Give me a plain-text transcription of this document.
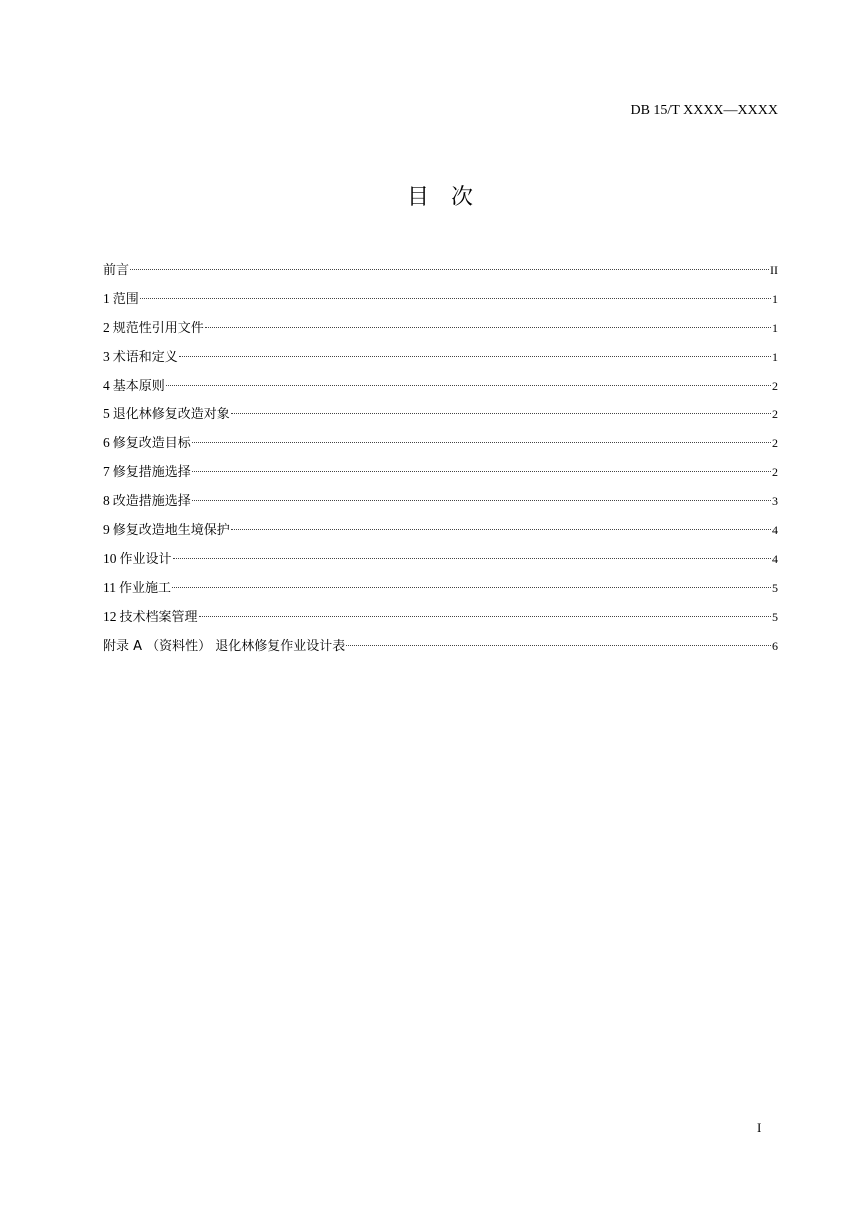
DB 15/T XXXX—XXXX
目　次
前言	II
1 范围	1
2 规范性引用文件	1
3 术语和定义	1
4 基本原则	2
5 退化林修复改造对象	2
6 修复改造目标	2
7 修复措施选择	2
8 改造措施选择	3
9 修复改造地生境保护	4
10 作业设计	4
11 作业施工	5
12 技术档案管理	5
附录 A （资料性） 退化林修复作业设计表	6
I
